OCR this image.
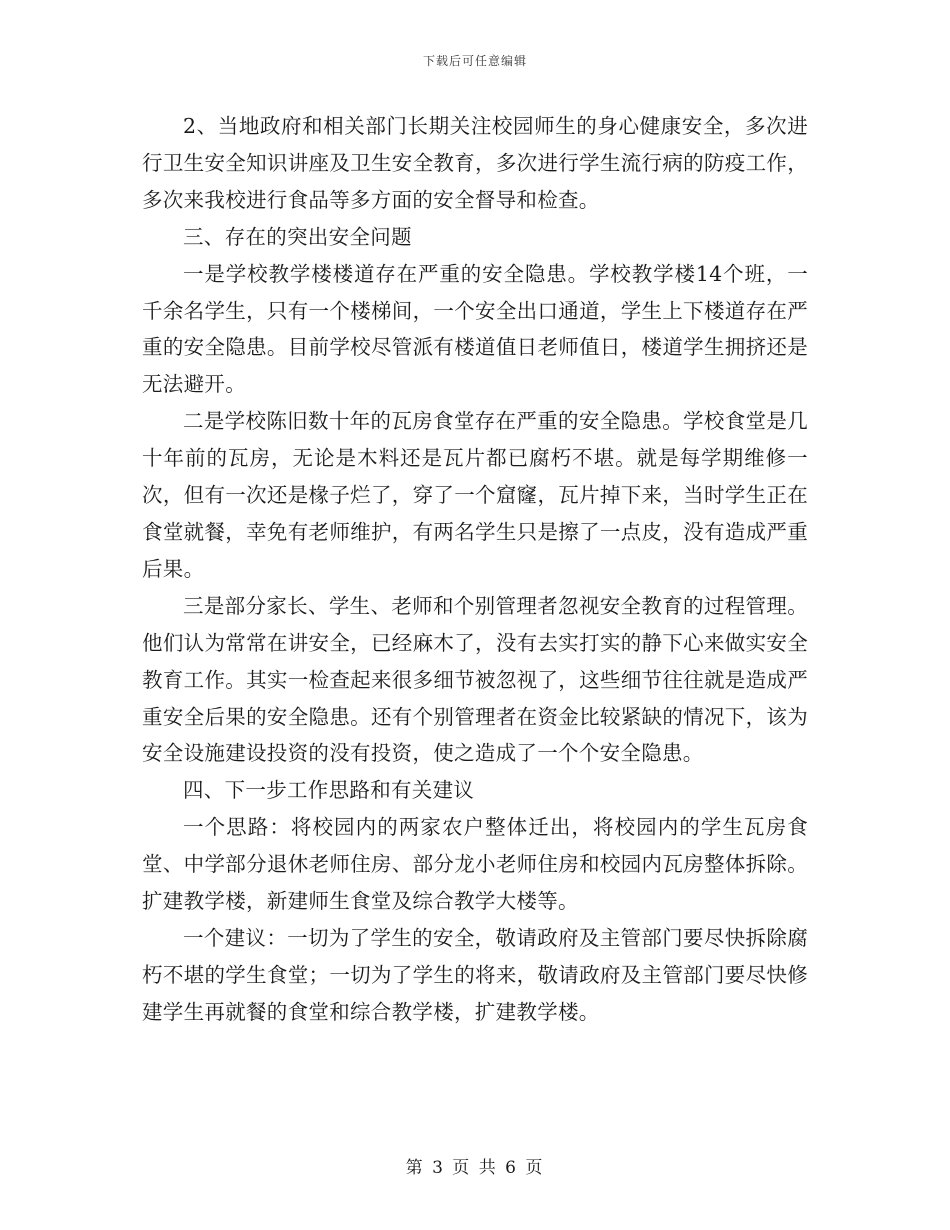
下载后可任意编辑

2、当地政府和相关部门长期关注校园师生的身心健康安全，多次进行卫生安全知识讲座及卫生安全教育，多次进行学生流行病的防疫工作，多次来我校进行食品等多方面的安全督导和检查。

三、存在的突出安全问题

一是学校教学楼楼道存在严重的安全隐患。学校教学楼14个班，一千余名学生，只有一个楼梯间，一个安全出口通道，学生上下楼道存在严重的安全隐患。目前学校尽管派有楼道值日老师值日，楼道学生拥挤还是无法避开。

二是学校陈旧数十年的瓦房食堂存在严重的安全隐患。学校食堂是几十年前的瓦房，无论是木料还是瓦片都已腐朽不堪。就是每学期维修一次，但有一次还是椽子烂了，穿了一个窟窿，瓦片掉下来，当时学生正在食堂就餐，幸免有老师维护，有两名学生只是擦了一点皮，没有造成严重后果。

三是部分家长、学生、老师和个别管理者忽视安全教育的过程管理。他们认为常常在讲安全，已经麻木了，没有去实打实的静下心来做实安全教育工作。其实一检查起来很多细节被忽视了，这些细节往往就是造成严重安全后果的安全隐患。还有个别管理者在资金比较紧缺的情况下，该为安全设施建设投资的没有投资，使之造成了一个个安全隐患。

四、下一步工作思路和有关建议

一个思路：将校园内的两家农户整体迁出，将校园内的学生瓦房食堂、中学部分退休老师住房、部分龙小老师住房和校园内瓦房整体拆除。扩建教学楼，新建师生食堂及综合教学大楼等。

一个建议：一切为了学生的安全，敬请政府及主管部门要尽快拆除腐朽不堪的学生食堂；一切为了学生的将来，敬请政府及主管部门要尽快修建学生再就餐的食堂和综合教学楼，扩建教学楼。

第 3 页 共 6 页
